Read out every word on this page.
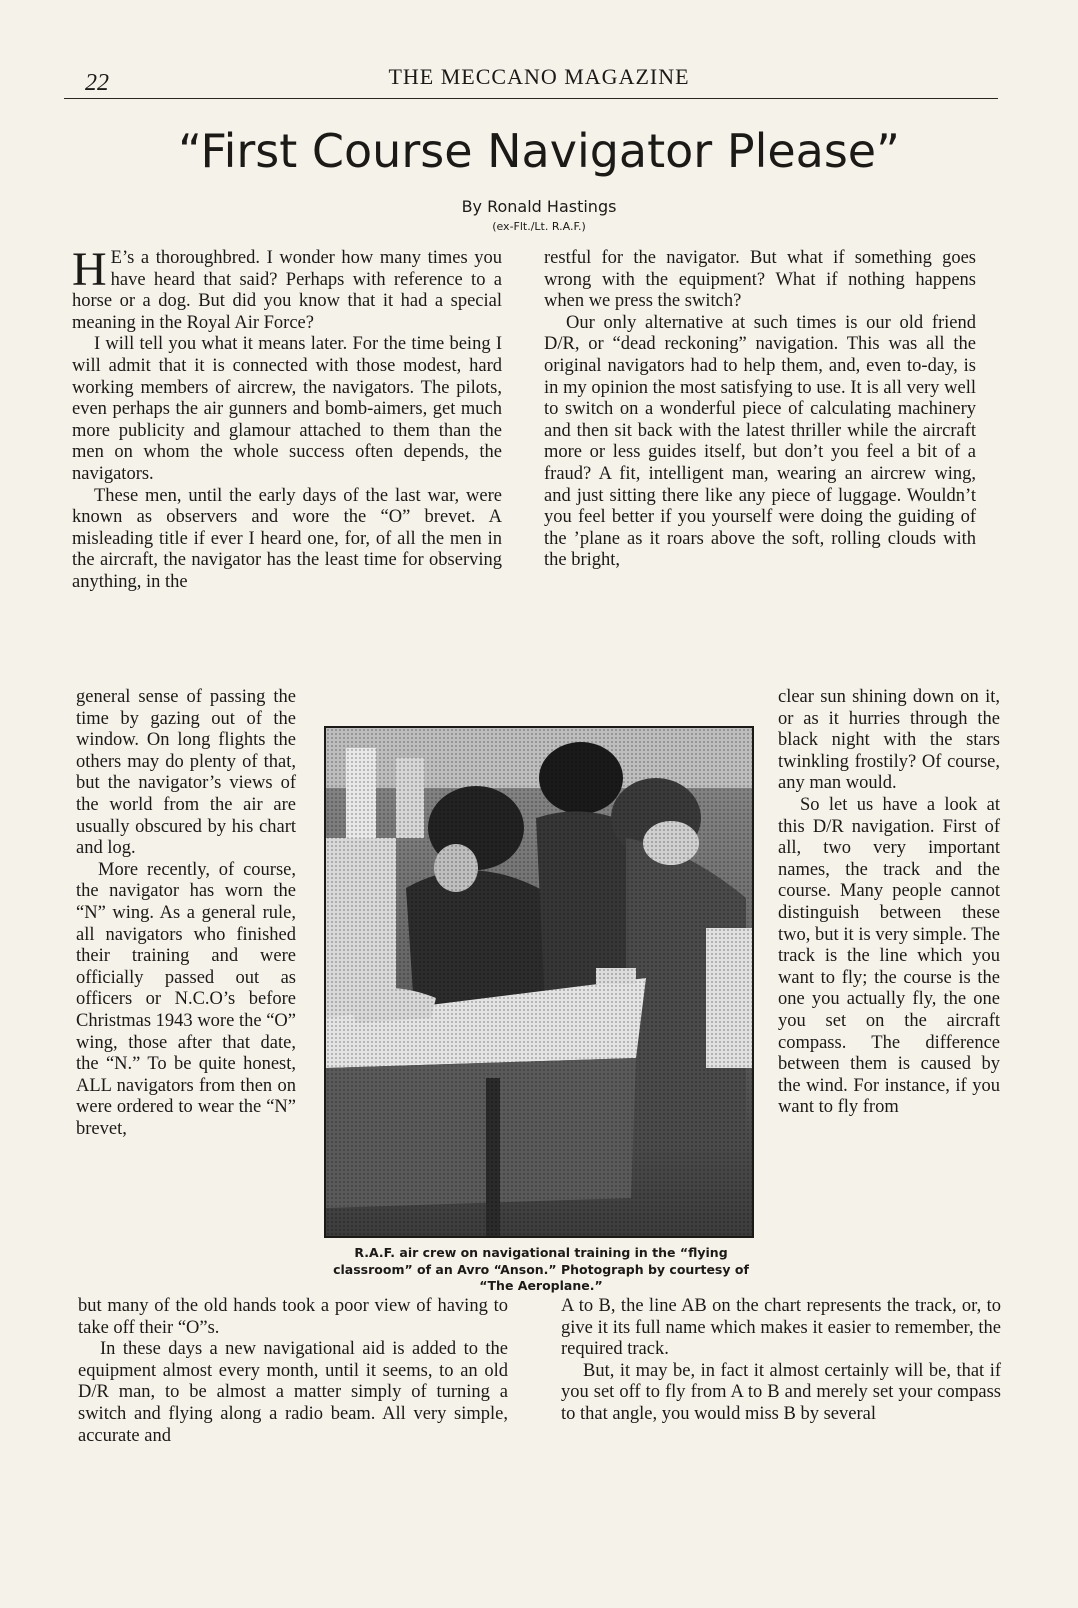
22	THE MECCANO MAGAZINE
“First Course Navigator Please”
By Ronald Hastings
(ex-Flt./Lt. R.A.F.)

H E’s a thoroughbred. I wonder how many times you have heard that said? Perhaps with reference to a horse or a dog. But did you know that it had a special meaning in the Royal Air Force?

I will tell you what it means later. For the time being I will admit that it is connected with those modest, hard working members of aircrew, the navigators. The pilots, even perhaps the air gunners and bomb-aimers, get much more publicity and glamour attached to them than the men on whom the whole success often depends, the navigators.

These men, until the early days of the last war, were known as observers and wore the “O” brevet. A misleading title if ever I heard one, for, of all the men in the aircraft, the navigator has the least time for observing anything, in the

general sense of passing the time by gazing out of the window. On long flights the others may do plenty of that, but the navigator’s views of the world from the air are usually obscured by his chart and log.

More recently, of course, the navigator has worn the “N” wing. As a general rule, all navigators who finished their training and were officially passed out as officers or N.C.O’s before Christmas 1943 wore the “O” wing, those after that date, the “N.” To be quite honest, ALL navigators from then on were ordered to wear the “N” brevet,

but many of the old hands took a poor view of having to take off their “O”s.

In these days a new navigational aid is added to the equipment almost every month, until it seems, to an old D/R man, to be almost a matter simply of turning a switch and flying along a radio beam. All very simple, accurate and

restful for the navigator. But what if something goes wrong with the equipment? What if nothing happens when we press the switch?

Our only alternative at such times is our old friend D/R, or “dead reckoning” navigation. This was all the original navigators had to help them, and, even to-day, is in my opinion the most satisfying to use. It is all very well to switch on a wonderful piece of calculating machinery and then sit back with the latest thriller while the aircraft more or less guides itself, but don’t you feel a bit of a fraud? A fit, intelligent man, wearing an aircrew wing, and just sitting there like any piece of luggage. Wouldn’t you feel better if you yourself were doing the guiding of the ’plane as it roars above the soft, rolling clouds with the bright,

clear sun shining down on it, or as it hurries through the black night with the stars twinkling frostily? Of course, any man would.

So let us have a look at this D/R navigation. First of all, two very important names, the track and the course. Many people cannot distinguish between these two, but it is very simple. The track is the line which you want to fly; the course is the one you actually fly, the one you set on the aircraft compass. The difference between them is caused by the wind. For instance, if you want to fly from

A to B, the line AB on the chart represents the track, or, to give it its full name which makes it easier to remember, the required track.

But, it may be, in fact it almost certainly will be, that if you set off to fly from A to B and merely set your compass to that angle, you would miss B by several

R.A.F. air crew on navigational training in the “flying classroom” of an Avro “Anson.” Photograph by courtesy of “The Aeroplane.”
